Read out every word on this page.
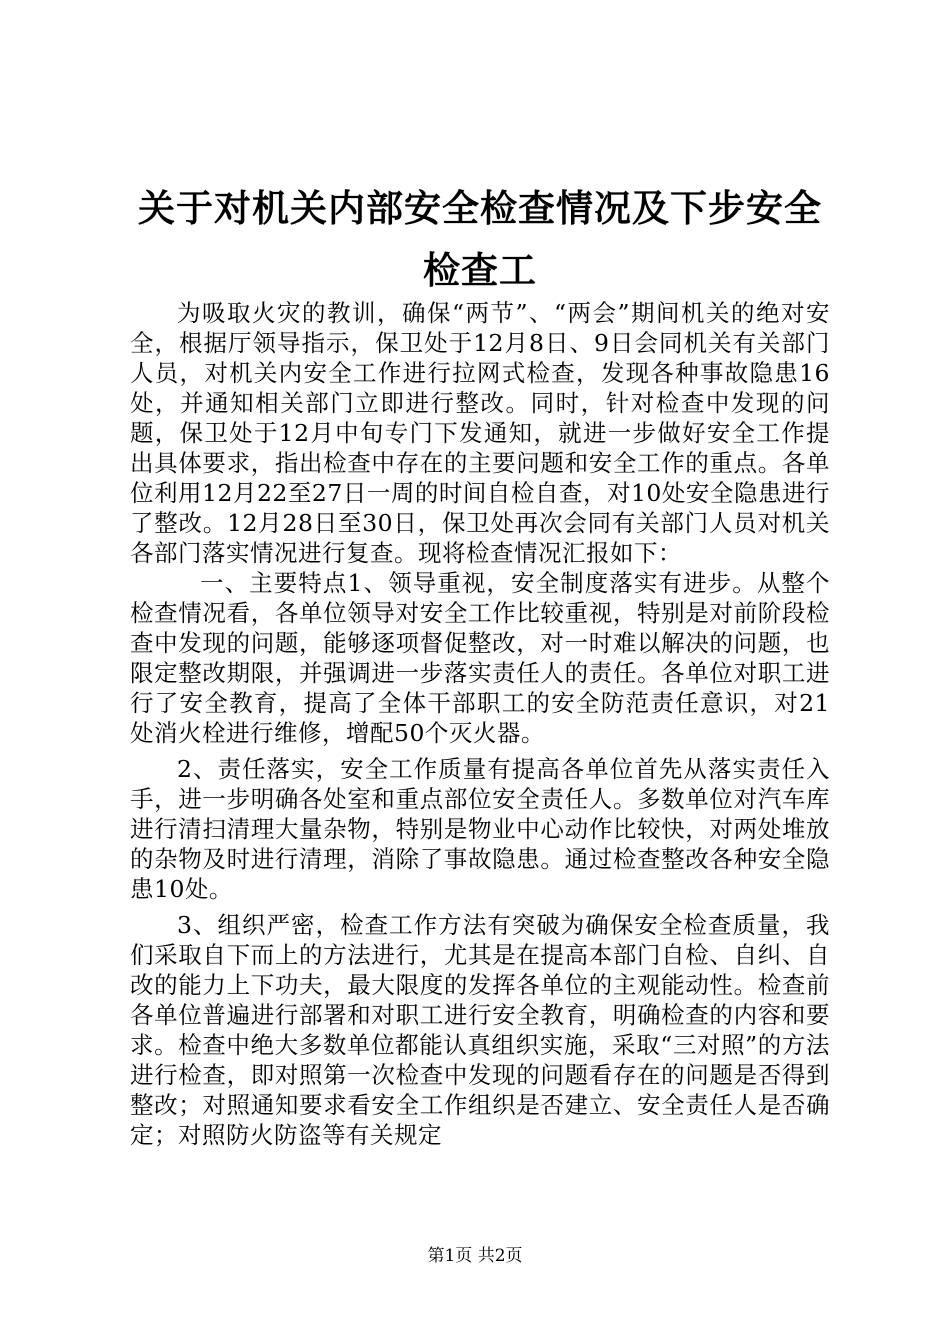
关于对机关内部安全检查情况及下步安全检查工

为吸取火灾的教训，确保“两节”、“两会”期间机关的绝对安全，根据厅领导指示，保卫处于12月8日、9日会同机关有关部门人员，对机关内安全工作进行拉网式检查，发现各种事故隐患16处，并通知相关部门立即进行整改。同时，针对检查中发现的问题，保卫处于12月中旬专门下发通知，就进一步做好安全工作提出具体要求，指出检查中存在的主要问题和安全工作的重点。各单位利用12月22至27日一周的时间自检自查，对10处安全隐患进行了整改。12月28日至30日，保卫处再次会同有关部门人员对机关各部门落实情况进行复查。现将检查情况汇报如下：

一、主要特点1、领导重视，安全制度落实有进步。从整个检查情况看，各单位领导对安全工作比较重视，特别是对前阶段检查中发现的问题，能够逐项督促整改，对一时难以解决的问题，也限定整改期限，并强调进一步落实责任人的责任。各单位对职工进行了安全教育，提高了全体干部职工的安全防范责任意识，对21处消火栓进行维修，增配50个灭火器。

2、责任落实，安全工作质量有提高各单位首先从落实责任入手，进一步明确各处室和重点部位安全责任人。多数单位对汽车库进行清扫清理大量杂物，特别是物业中心动作比较快，对两处堆放的杂物及时进行清理，消除了事故隐患。通过检查整改各种安全隐患10处。

3、组织严密，检查工作方法有突破为确保安全检查质量，我们采取自下而上的方法进行，尤其是在提高本部门自检、自纠、自改的能力上下功夫，最大限度的发挥各单位的主观能动性。检查前各单位普遍进行部署和对职工进行安全教育，明确检查的内容和要求。检查中绝大多数单位都能认真组织实施，采取“三对照”的方法进行检查，即对照第一次检查中发现的问题看存在的问题是否得到整改；对照通知要求看安全工作组织是否建立、安全责任人是否确定；对照防火防盗等有关规定

第1页 共2页
